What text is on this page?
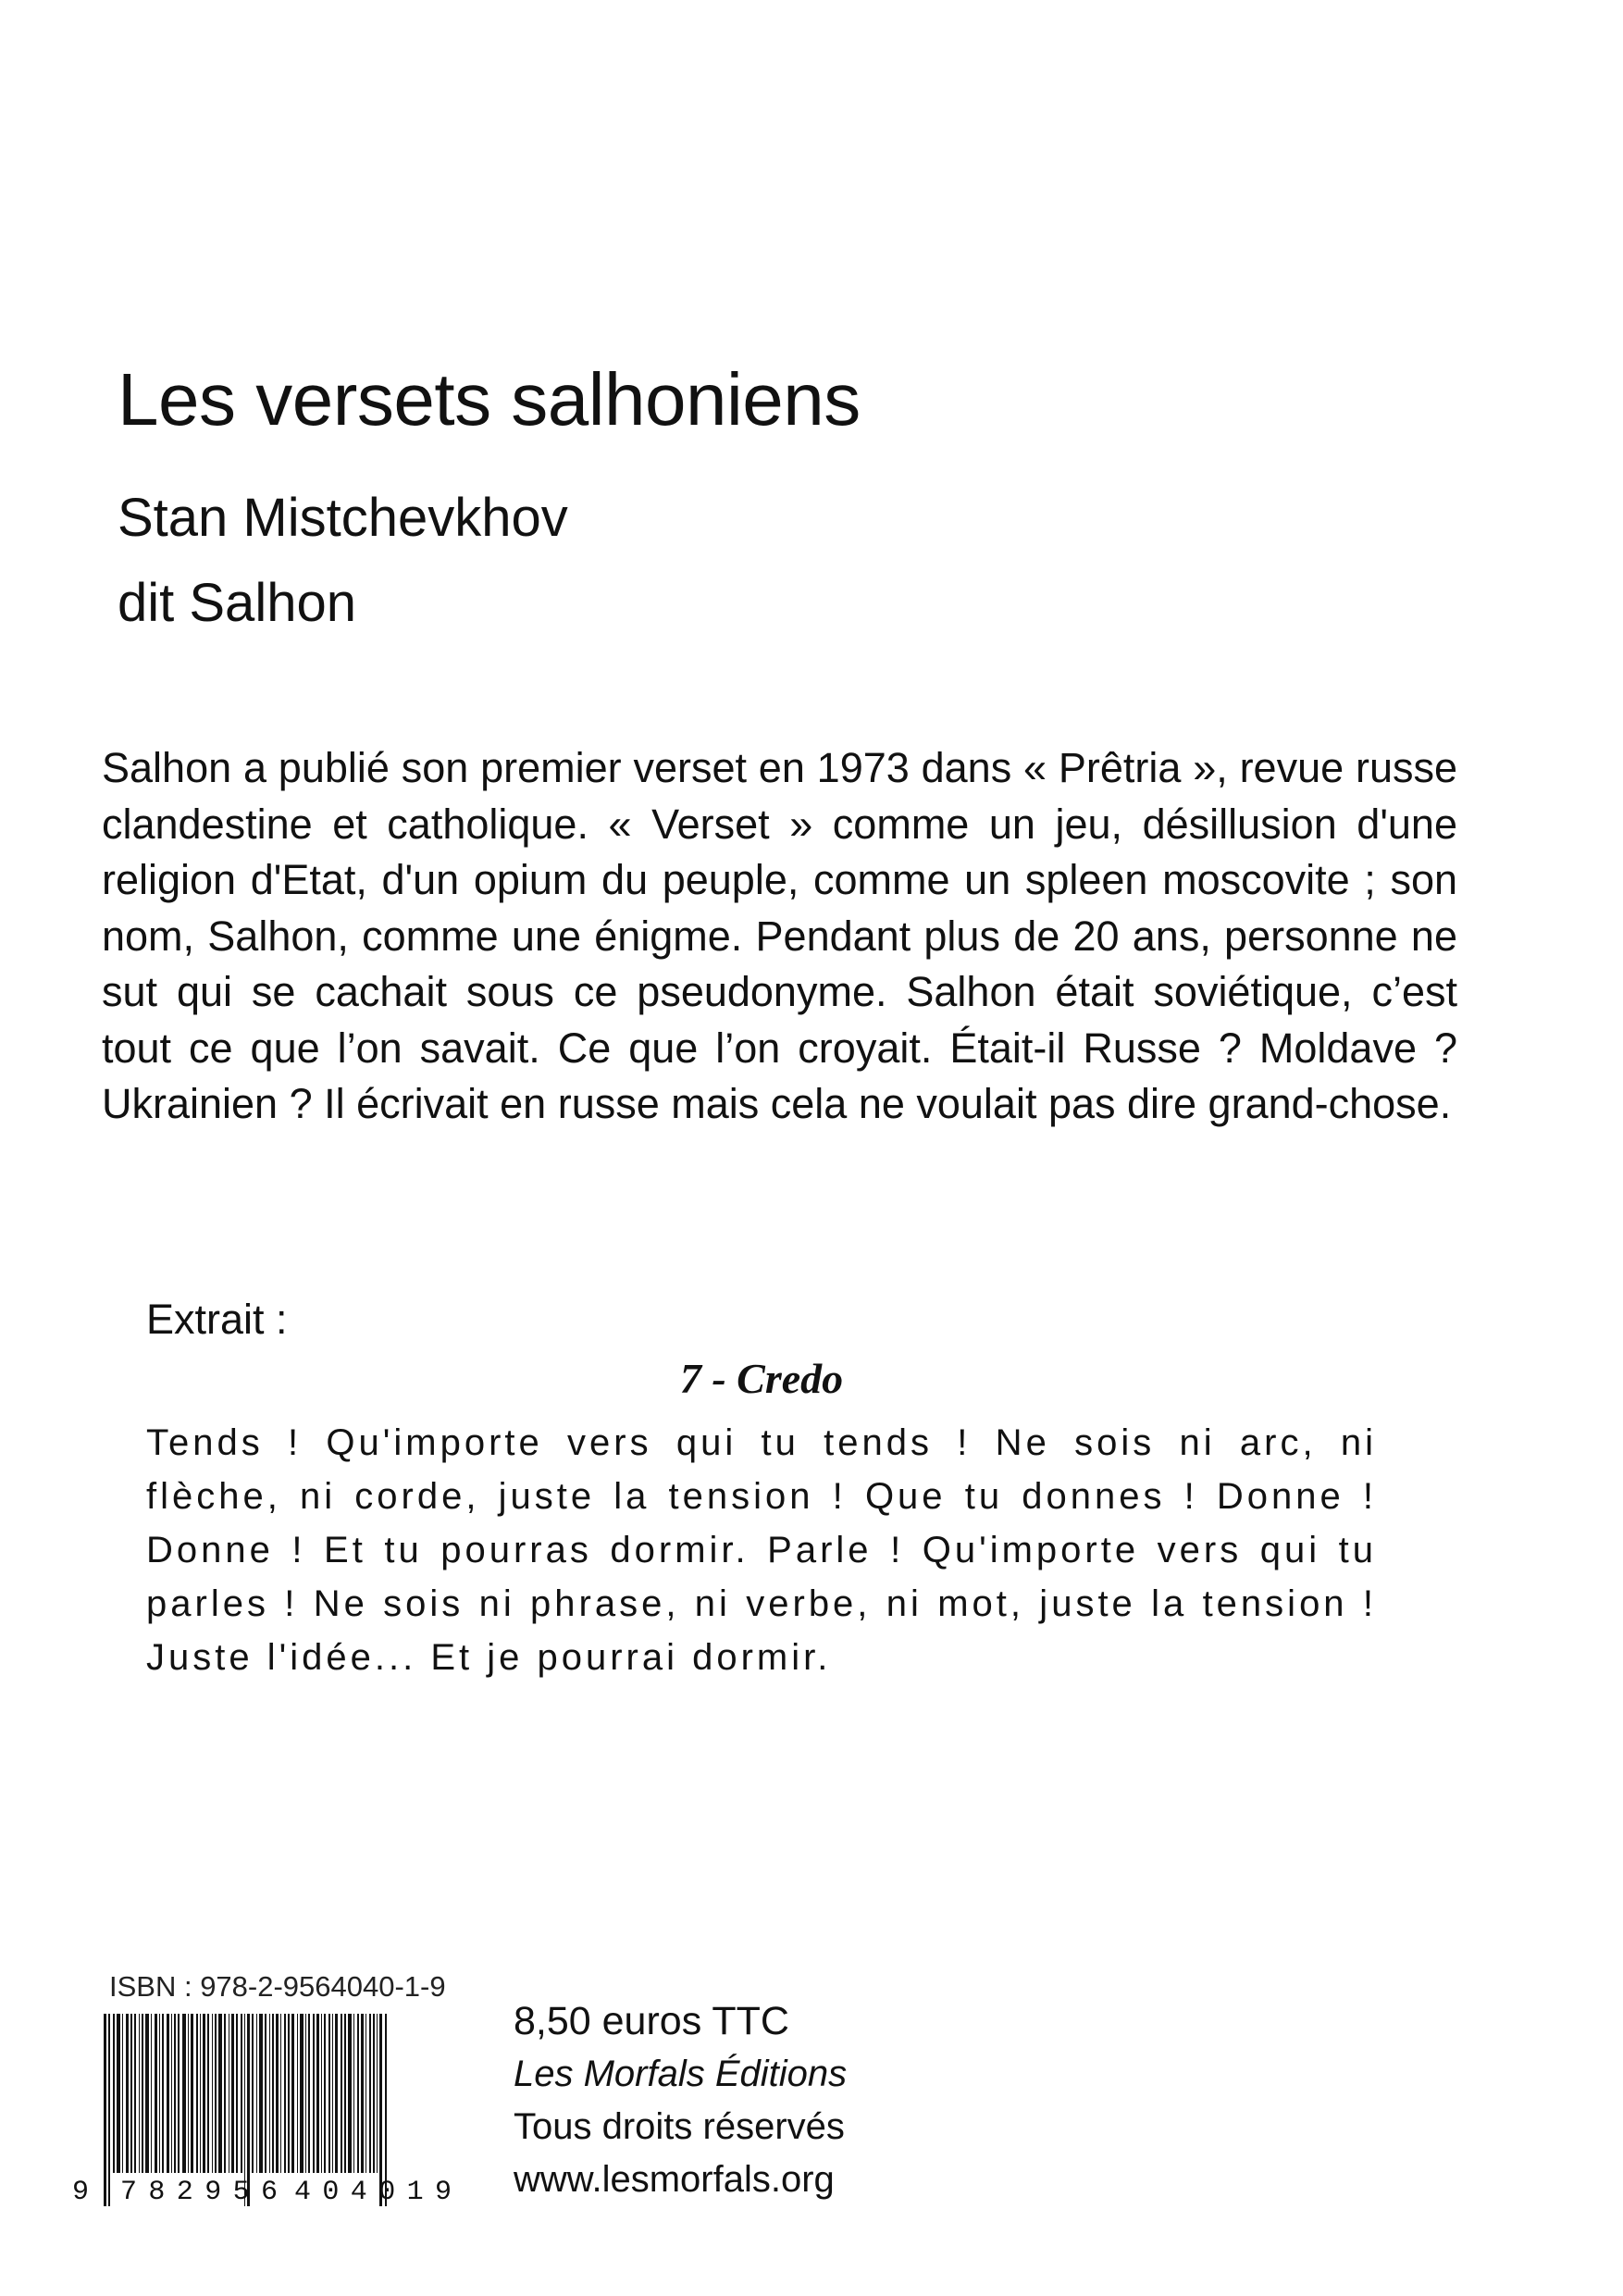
Les versets salhoniens
Stan Mistchevkhov
dit Salhon

Salhon a publié son premier verset en 1973 dans « Prêtria », revue russe clandestine et catholique. « Verset » comme un jeu, désillusion d'une religion d'Etat, d'un opium du peuple, comme un spleen moscovite ; son nom, Salhon, comme une énigme. Pendant plus de 20 ans, personne ne sut qui se cachait sous ce pseudonyme. Salhon était soviétique, c’est tout ce que l’on savait. Ce que l’on croyait. Était-il Russe ? Moldave ? Ukrainien ? Il écrivait en russe mais cela ne voulait pas dire grand-chose.

Extrait :
7 - Credo

Tends ! Qu'importe vers qui tu tends ! Ne sois ni arc, ni flèche, ni corde, juste la tension ! Que tu donnes ! Donne ! Donne ! Et tu pourras dormir. Parle ! Qu'importe vers qui tu parles ! Ne sois ni phrase, ni verbe, ni mot, juste la tension ! Juste l'idée... Et je pourrai dormir.

ISBN : 978-2-9564040-1-9
9 782956 404019
8,50 euros TTC
Les Morfals Éditions
Tous droits réservés
www.lesmorfals.org
